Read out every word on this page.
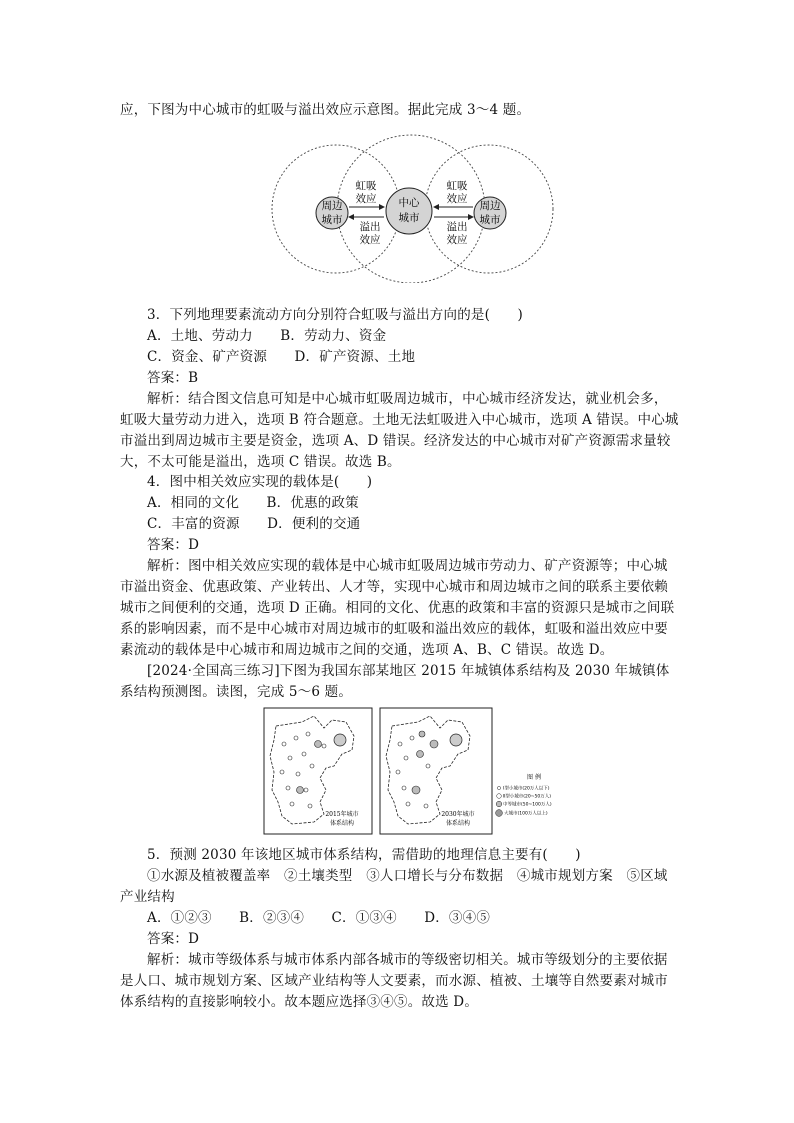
应，下图为中心城市的虹吸与溢出效应示意图。据此完成 3～4 题。
周边
城市
中心
城市
周边
城市
虹吸
效应
溢出
效应
虹吸
效应
溢出
效应
3．下列地理要素流动方向分别符合虹吸与溢出方向的是(　　)
A．土地、劳动力　　B．劳动力、资金
C．资金、矿产资源　　D．矿产资源、土地
答案：B
解析：结合图文信息可知是中心城市虹吸周边城市，中心城市经济发达，就业机会多，
虹吸大量劳动力进入，选项 B 符合题意。土地无法虹吸进入中心城市，选项 A 错误。中心城
市溢出到周边城市主要是资金，选项 A、D 错误。经济发达的中心城市对矿产资源需求量较
大，不太可能是溢出，选项 C 错误。故选 B。
4．图中相关效应实现的载体是(　　)
A．相同的文化　　B．优惠的政策
C．丰富的资源　　D．便利的交通
答案：D
解析：图中相关效应实现的载体是中心城市虹吸周边城市劳动力、矿产资源等；中心城
市溢出资金、优惠政策、产业转出、人才等，实现中心城市和周边城市之间的联系主要依赖
城市之间便利的交通，选项 D 正确。相同的文化、优惠的政策和丰富的资源只是城市之间联
系的影响因素，而不是中心城市对周边城市的虹吸和溢出效应的载体，虹吸和溢出效应中要
素流动的载体是中心城市和周边城市之间的交通，选项 A、B、C 错误。故选 D。
[2024·全国高三练习]下图为我国东部某地区 2015 年城镇体系结构及 2030 年城镇体
系结构预测图。读图，完成 5～6 题。
2015年城市
体系结构
2030年城市
体系结构
图 例
Ⅰ型小城市(20万人以下)
Ⅱ型小城市(20~50万人)
中等城市(50~100万人)
大城市(100万人以上)
5．预测 2030 年该地区城市体系结构，需借助的地理信息主要有(　　)
①水源及植被覆盖率　②土壤类型　③人口增长与分布数据　④城市规划方案　⑤区域
产业结构
A．①②③　　B．②③④　　C．①③④　　D．③④⑤
答案：D
解析：城市等级体系与城市体系内部各城市的等级密切相关。城市等级划分的主要依据
是人口、城市规划方案、区域产业结构等人文要素，而水源、植被、土壤等自然要素对城市
体系结构的直接影响较小。故本题应选择③④⑤。故选 D。
